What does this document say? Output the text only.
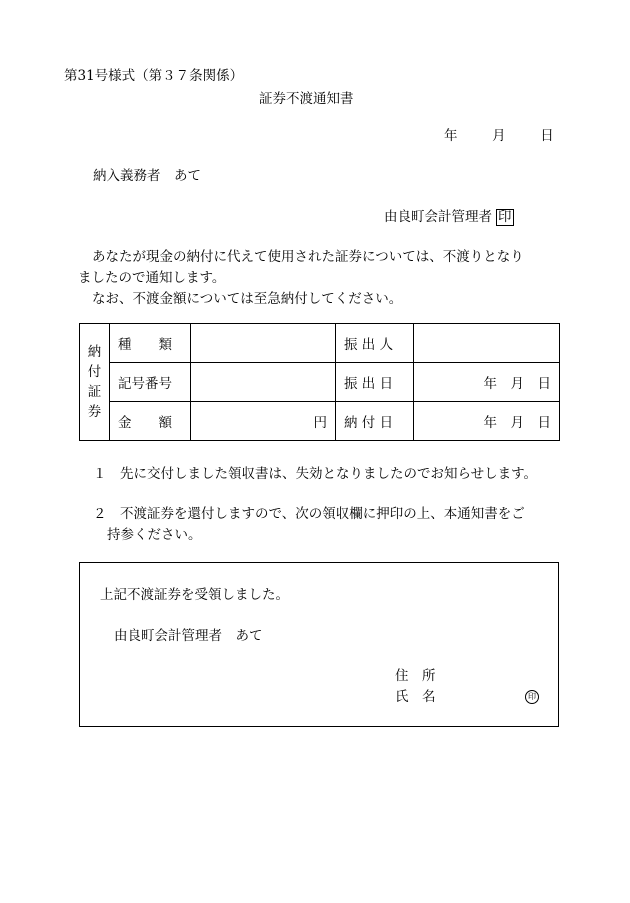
第31号様式（第３７条関係）
証券不渡通知書
年	月	日
納入義務者　あて
由良町会計管理者 印
あなたが現金の納付に代えて使用された証券については、不渡りとなり
ましたので通知します。
なお、不渡金額については至急納付してください。
納
付
証
券	種　　類		振 出 人	
	記号番号		振 出 日	年　月　日
	金　　額	円	納 付 日	年　月　日
１　先に交付しました領収書は、失効となりましたのでお知らせします。
２　不渡証券を還付しますので、次の領収欄に押印の上、本通知書をご
持参ください。
上記不渡証券を受領しました。
由良町会計管理者　あて
住　所
氏　名	印
